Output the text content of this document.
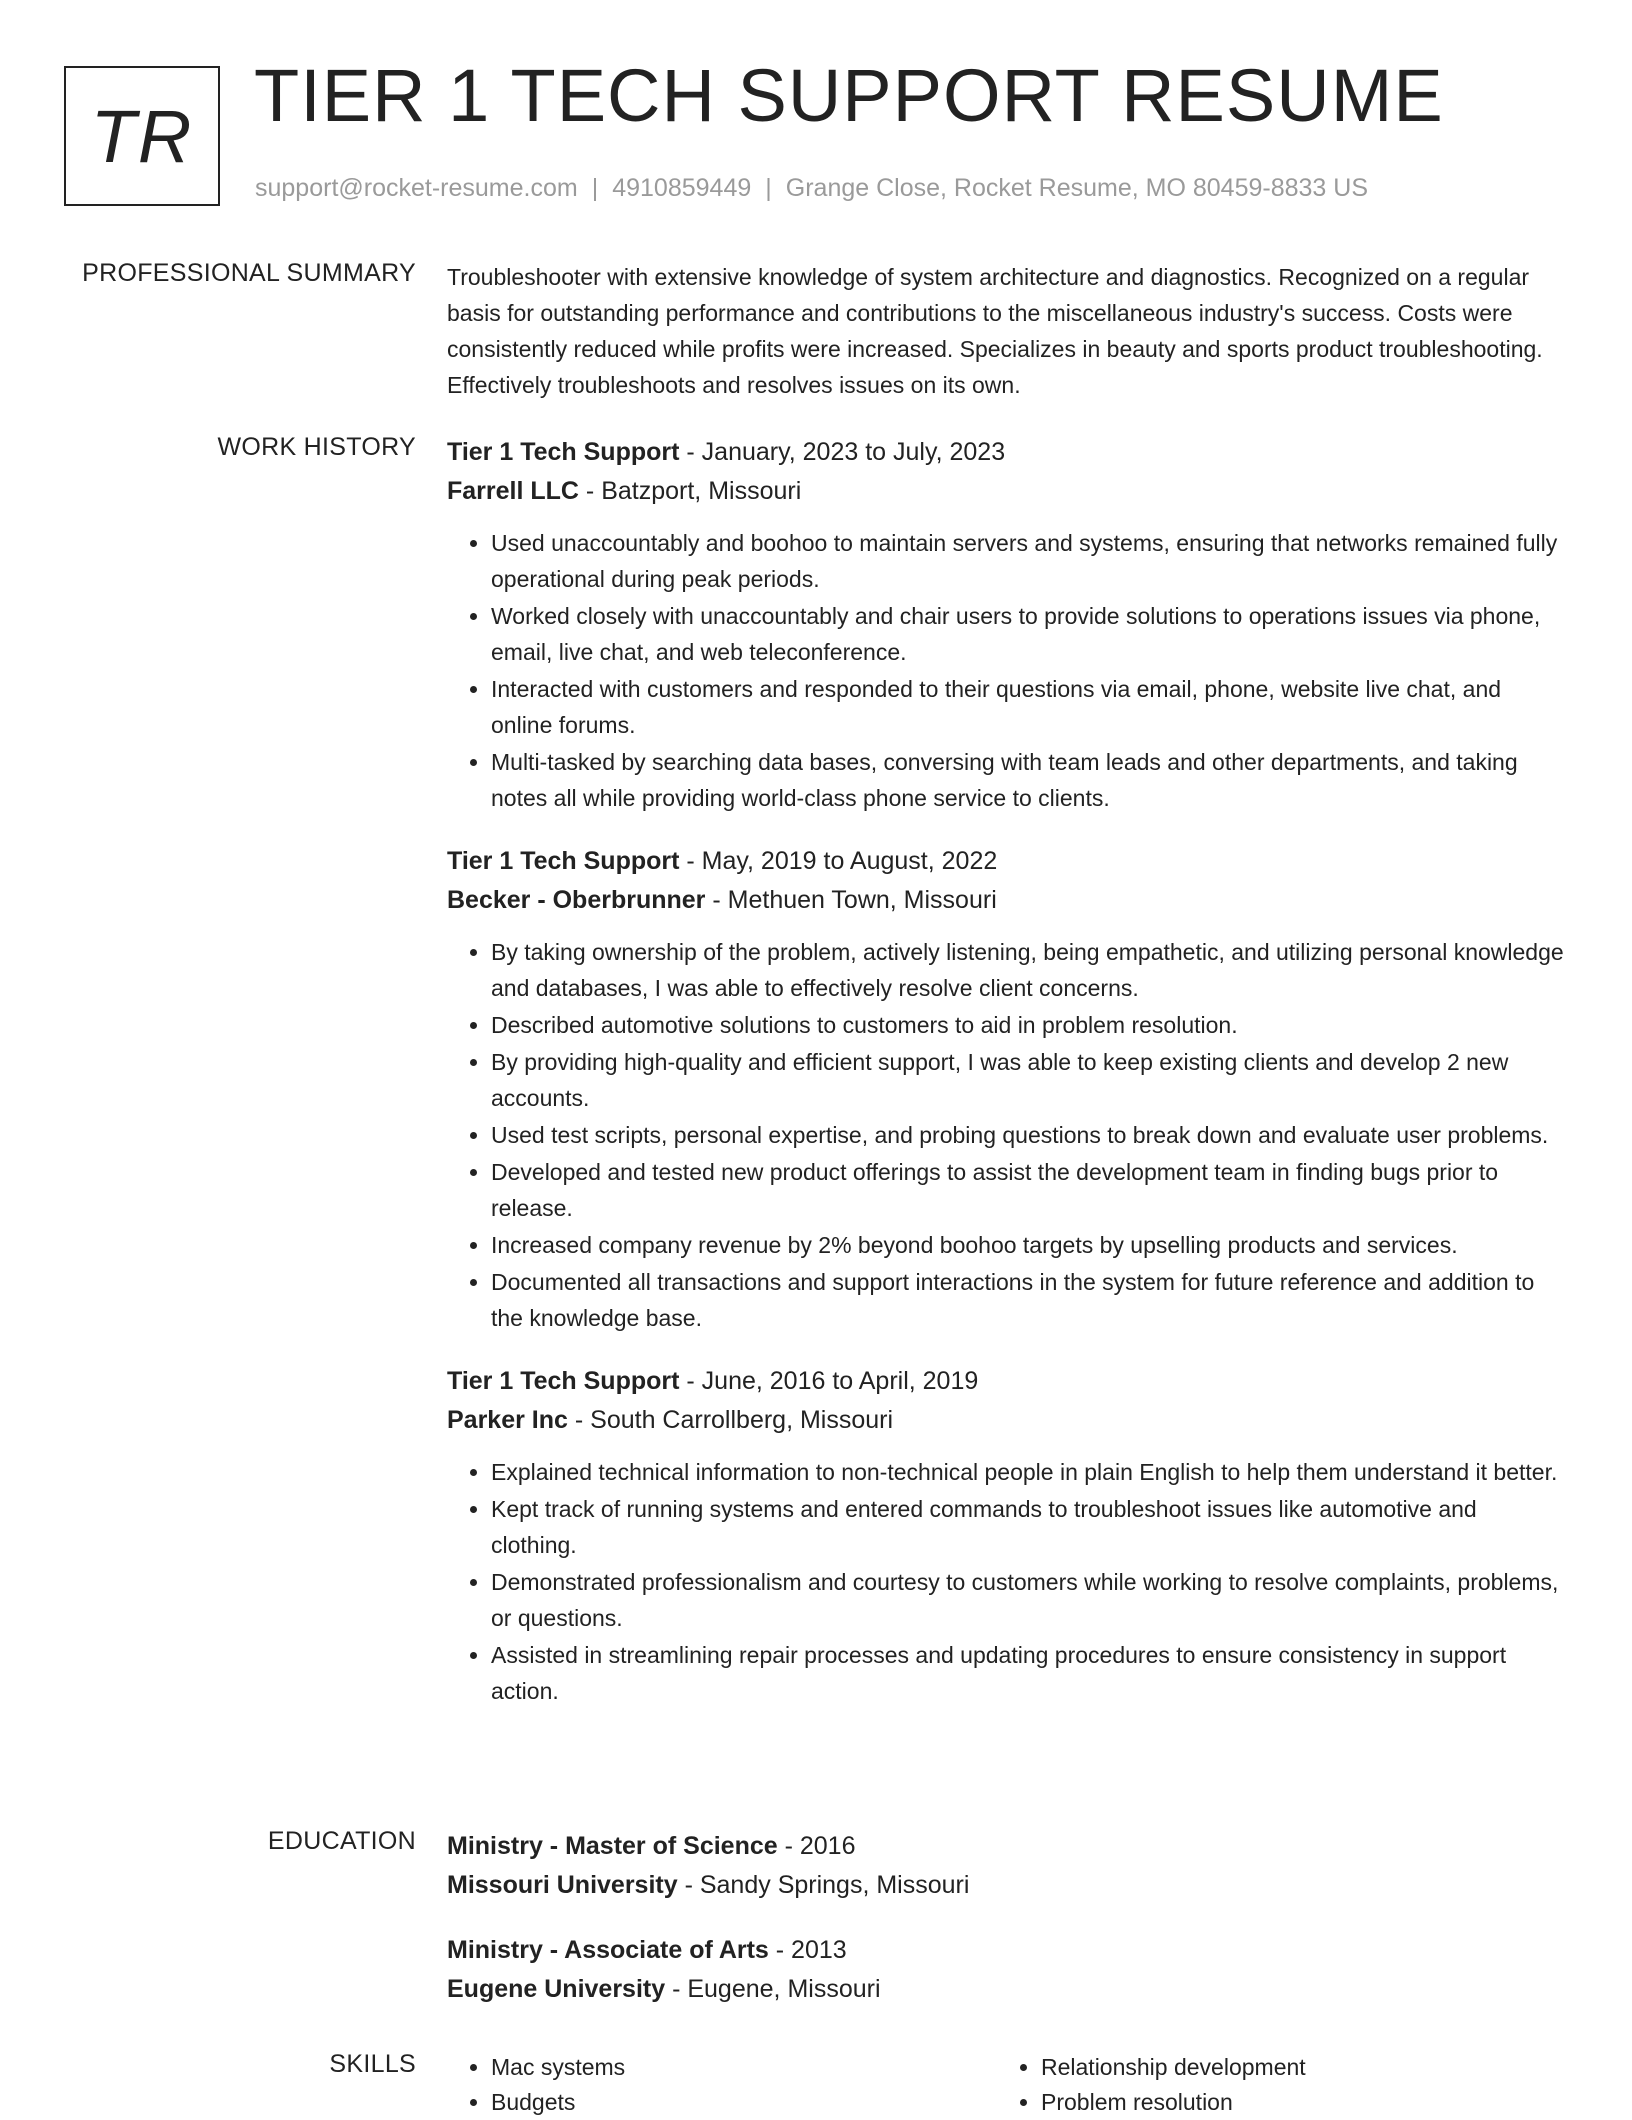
TR TIER 1 TECH SUPPORT RESUME
support@rocket-resume.com | 4910859449 | Grange Close, Rocket Resume, MO 80459-8833 US
PROFESSIONAL SUMMARY Troubleshooter with extensive knowledge of system architecture and diagnostics. Recognized on a regular basis for outstanding performance and contributions to the miscellaneous industry's success. Costs were consistently reduced while profits were increased. Specializes in beauty and sports product troubleshooting. Effectively troubleshoots and resolves issues on its own.

WORK HISTORY Tier 1 Tech Support - January, 2023 to July, 2023
Farrell LLC - Batzport, Missouri
• Used unaccountably and boohoo to maintain servers and systems, ensuring that networks remained fully operational during peak periods.
• Worked closely with unaccountably and chair users to provide solutions to operations issues via phone, email, live chat, and web teleconference.
• Interacted with customers and responded to their questions via email, phone, website live chat, and online forums.
• Multi-tasked by searching data bases, conversing with team leads and other departments, and taking notes all while providing world-class phone service to clients.
Tier 1 Tech Support - May, 2019 to August, 2022
Becker - Oberbrunner - Methuen Town, Missouri
• By taking ownership of the problem, actively listening, being empathetic, and utilizing personal knowledge and databases, I was able to effectively resolve client concerns.
• Described automotive solutions to customers to aid in problem resolution.
• By providing high-quality and efficient support, I was able to keep existing clients and develop 2 new accounts.
• Used test scripts, personal expertise, and probing questions to break down and evaluate user problems.
• Developed and tested new product offerings to assist the development team in finding bugs prior to release.
• Increased company revenue by 2% beyond boohoo targets by upselling products and services.
• Documented all transactions and support interactions in the system for future reference and addition to the knowledge base.
Tier 1 Tech Support - June, 2016 to April, 2019
Parker Inc - South Carrollberg, Missouri
• Explained technical information to non-technical people in plain English to help them understand it better.
• Kept track of running systems and entered commands to troubleshoot issues like automotive and clothing.
• Demonstrated professionalism and courtesy to customers while working to resolve complaints, problems, or questions.
• Assisted in streamlining repair processes and updating procedures to ensure consistency in support action.
EDUCATION Ministry - Master of Science - 2016
Missouri University - Sandy Springs, Missouri
Ministry - Associate of Arts - 2013
Eugene University - Eugene, Missouri
SKILLS
•	Mac systems
• Budgets
• Relationship development
• Problem resolution
